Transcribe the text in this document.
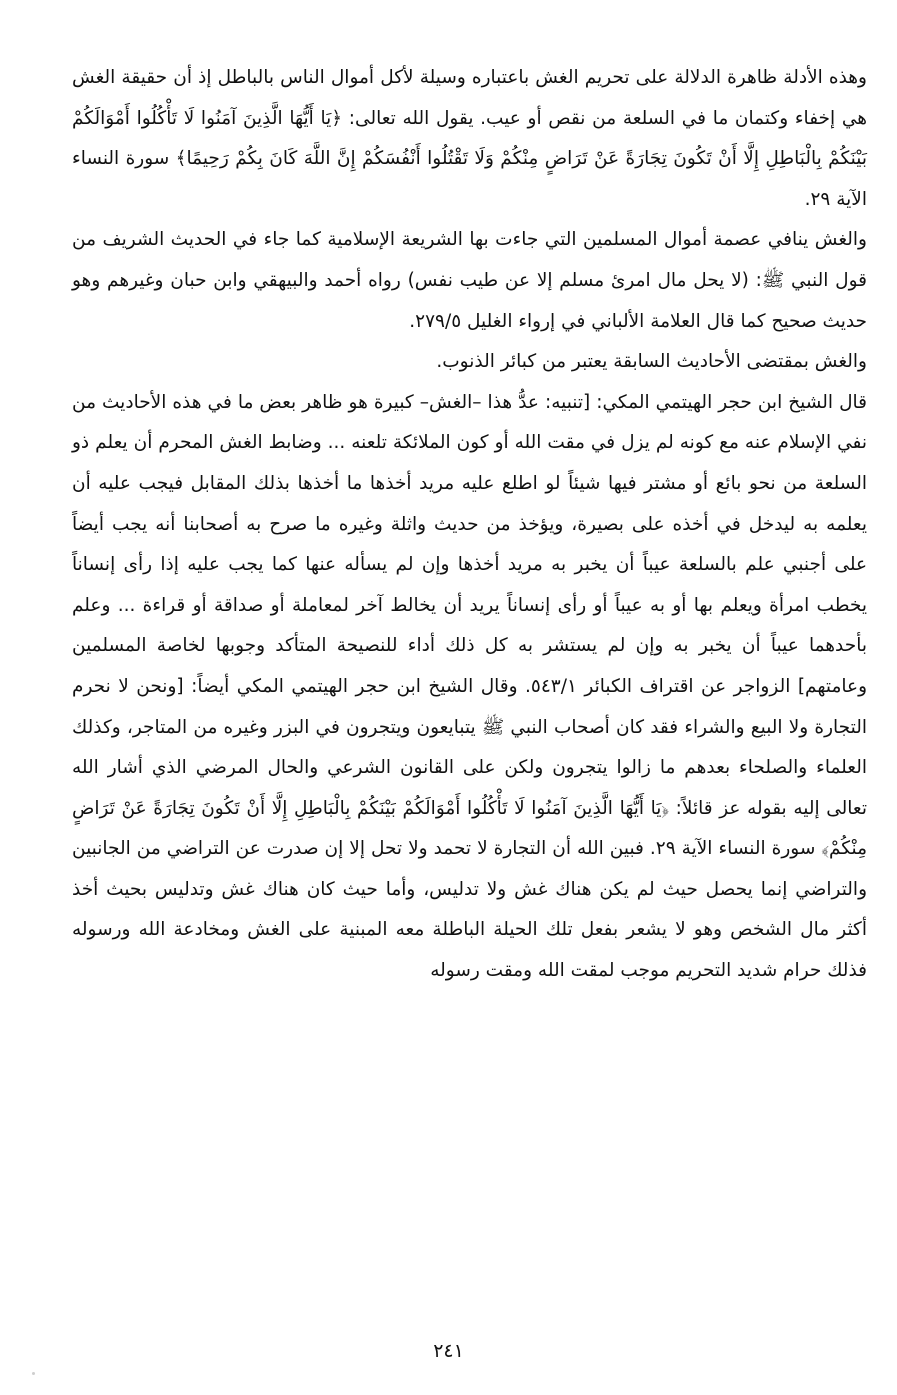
وهذه الأدلة ظاهرة الدلالة على تحريم الغش باعتباره وسيلة لأكل أموال الناس بالباطل إذ أن حقيقة الغش هي إخفاء وكتمان ما في السلعة من نقص أو عيب. يقول الله تعالى: ﴿يَا أَيُّهَا الَّذِينَ آمَنُوا لَا تَأْكُلُوا أَمْوَالَكُمْ بَيْنَكُمْ بِالْبَاطِلِ إِلَّا أَنْ تَكُونَ تِجَارَةً عَنْ تَرَاضٍ مِنْكُمْ وَلَا تَقْتُلُوا أَنْفُسَكُمْ إِنَّ اللَّهَ كَانَ بِكُمْ رَحِيمًا﴾ سورة النساء الآية ٢٩.

والغش ينافي عصمة أموال المسلمين التي جاءت بها الشريعة الإسلامية كما جاء في الحديث الشريف من قول النبي ﷺ: (لا يحل مال امرئ مسلم إلا عن طيب نفس) رواه أحمد والبيهقي وابن حبان وغيرهم وهو حديث صحيح كما قال العلامة الألباني في إرواء الغليل ٢٧٩/٥.

والغش بمقتضى الأحاديث السابقة يعتبر من كبائر الذنوب.

قال الشيخ ابن حجر الهيتمي المكي: [تنبيه: عدُّ هذا –الغش– كبيرة هو ظاهر بعض ما في هذه الأحاديث من نفي الإسلام عنه مع كونه لم يزل في مقت الله أو كون الملائكة تلعنه ... وضابط الغش المحرم أن يعلم ذو السلعة من نحو بائع أو مشتر فيها شيئاً لو اطلع عليه مريد أخذها ما أخذها بذلك المقابل فيجب عليه أن يعلمه به ليدخل في أخذه على بصيرة، ويؤخذ من حديث واثلة وغيره ما صرح به أصحابنا أنه يجب أيضاً على أجنبي علم بالسلعة عيباً أن يخبر به مريد أخذها وإن لم يسأله عنها كما يجب عليه إذا رأى إنساناً يخطب امرأة ويعلم بها أو به عيباً أو رأى إنساناً يريد أن يخالط آخر لمعاملة أو صداقة أو قراءة ... وعلم بأحدهما عيباً أن يخبر به وإن لم يستشر به كل ذلك أداء للنصيحة المتأكد وجوبها لخاصة المسلمين وعامتهم] الزواجر عن اقتراف الكبائر ٥٤٣/١. وقال الشيخ ابن حجر الهيتمي المكي أيضاً: [ونحن لا نحرم التجارة ولا البيع والشراء فقد كان أصحاب النبي ﷺ يتبايعون ويتجرون في البزر وغيره من المتاجر، وكذلك العلماء والصلحاء بعدهم ما زالوا يتجرون ولكن على القانون الشرعي والحال المرضي الذي أشار الله تعالى إليه بقوله عز قائلاً: ﴿يَا أَيُّهَا الَّذِينَ آمَنُوا لَا تَأْكُلُوا أَمْوَالَكُمْ بَيْنَكُمْ بِالْبَاطِلِ إِلَّا أَنْ تَكُونَ تِجَارَةً عَنْ تَرَاضٍ مِنْكُمْ﴾ سورة النساء الآية ٢٩. فبين الله أن التجارة لا تحمد ولا تحل إلا إن صدرت عن التراضي من الجانبين والتراضي إنما يحصل حيث لم يكن هناك غش ولا تدليس، وأما حيث كان هناك غش وتدليس بحيث أخذ أكثر مال الشخص وهو لا يشعر بفعل تلك الحيلة الباطلة معه المبنية على الغش ومخادعة الله ورسوله فذلك حرام شديد التحريم موجب لمقت الله ومقت رسوله

٢٤١
